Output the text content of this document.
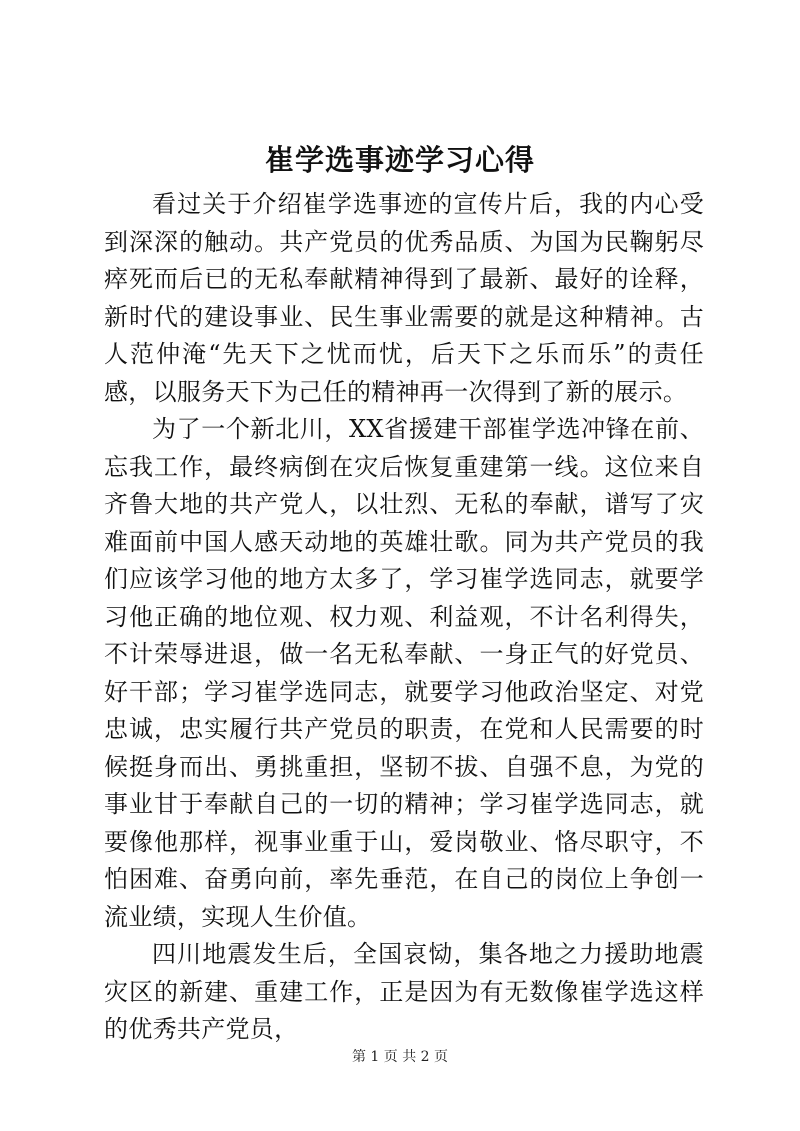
崔学选事迹学习心得

看过关于介绍崔学选事迹的宣传片后，我的内心受到深深的触动。共产党员的优秀品质、为国为民鞠躬尽瘁死而后已的无私奉献精神得到了最新、最好的诠释，新时代的建设事业、民生事业需要的就是这种精神。古人范仲淹“先天下之忧而忧，后天下之乐而乐”的责任感，以服务天下为己任的精神再一次得到了新的展示。

为了一个新北川，XX省援建干部崔学选冲锋在前、忘我工作，最终病倒在灾后恢复重建第一线。这位来自齐鲁大地的共产党人，以壮烈、无私的奉献，谱写了灾难面前中国人感天动地的英雄壮歌。同为共产党员的我们应该学习他的地方太多了，学习崔学选同志，就要学习他正确的地位观、权力观、利益观，不计名利得失，不计荣辱进退，做一名无私奉献、一身正气的好党员、好干部；学习崔学选同志，就要学习他政治坚定、对党忠诚，忠实履行共产党员的职责，在党和人民需要的时候挺身而出、勇挑重担，坚韧不拔、自强不息，为党的事业甘于奉献自己的一切的精神；学习崔学选同志，就要像他那样，视事业重于山，爱岗敬业、恪尽职守，不怕困难、奋勇向前，率先垂范，在自己的岗位上争创一流业绩，实现人生价值。

四川地震发生后，全国哀恸，集各地之力援助地震灾区的新建、重建工作，正是因为有无数像崔学选这样的优秀共产党员，

第 1 页 共 2 页
